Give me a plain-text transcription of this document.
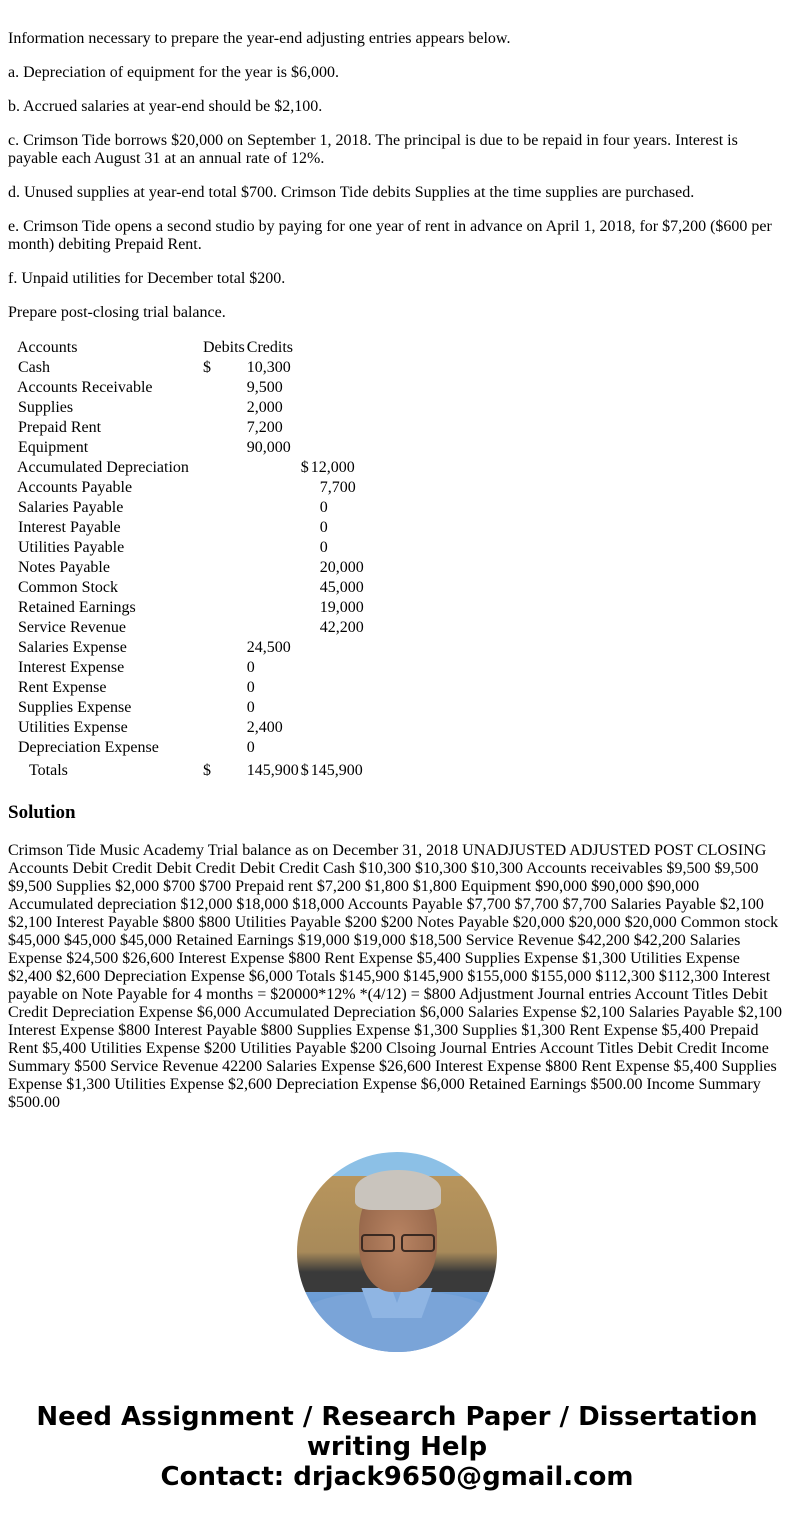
Information necessary to prepare the year-end adjusting entries appears below.

a. Depreciation of equipment for the year is $6,000.

b. Accrued salaries at year-end should be $2,100.

c. Crimson Tide borrows $20,000 on September 1, 2018. The principal is due to be repaid in four years. Interest is payable each August 31 at an annual rate of 12%.

d. Unused supplies at year-end total $700. Crimson Tide debits Supplies at the time supplies are purchased.

e. Crimson Tide opens a second studio by paying for one year of rent in advance on April 1, 2018, for $7,200 ($600 per month) debiting Prepaid Rent.

f. Unpaid utilities for December total $200.

Prepare post-closing trial balance.

Accounts	Debits	Credits		
Cash	$	10,300		
Accounts Receivable		9,500		
Supplies		2,000		
Prepaid Rent		7,200		
Equipment		90,000		
Accumulated Depreciation			$	12,000
Accounts Payable				7,700
Salaries Payable				0
Interest Payable				0
Utilities Payable				0
Notes Payable				20,000
Common Stock				45,000
Retained Earnings				19,000
Service Revenue				42,200
Salaries Expense		24,500		
Interest Expense		0		
Rent Expense		0		
Supplies Expense		0		
Utilities Expense		2,400		
Depreciation Expense		0		
Totals	$	145,900	$	145,900
Solution
Crimson Tide Music Academy Trial balance as on December 31, 2018 UNADJUSTED ADJUSTED POST CLOSING Accounts Debit Credit Debit Credit Debit Credit Cash $10,300 $10,300 $10,300 Accounts receivables $9,500 $9,500 $9,500 Supplies $2,000 $700 $700 Prepaid rent $7,200 $1,800 $1,800 Equipment $90,000 $90,000 $90,000 Accumulated depreciation $12,000 $18,000 $18,000 Accounts Payable $7,700 $7,700 $7,700 Salaries Payable $2,100 $2,100 Interest Payable $800 $800 Utilities Payable $200 $200 Notes Payable $20,000 $20,000 $20,000 Common stock $45,000 $45,000 $45,000 Retained Earnings $19,000 $19,000 $18,500 Service Revenue $42,200 $42,200 Salaries Expense $24,500 $26,600 Interest Expense $800 Rent Expense $5,400 Supplies Expense $1,300 Utilities Expense $2,400 $2,600 Depreciation Expense $6,000 Totals $145,900 $145,900 $155,000 $155,000 $112,300 $112,300 Interest payable on Note Payable for 4 months = $20000*12% *(4/12) = $800 Adjustment Journal entries Account Titles Debit Credit Depreciation Expense $6,000 Accumulated Depreciation $6,000 Salaries Expense $2,100 Salaries Payable $2,100 Interest Expense $800 Interest Payable $800 Supplies Expense $1,300 Supplies $1,300 Rent Expense $5,400 Prepaid Rent $5,400 Utilities Expense $200 Utilities Payable $200 Clsoing Journal Entries Account Titles Debit Credit Income Summary $500 Service Revenue 42200 Salaries Expense $26,600 Interest Expense $800 Rent Expense $5,400 Supplies Expense $1,300 Utilities Expense $2,600 Depreciation Expense $6,000 Retained Earnings $500.00 Income Summary $500.00
Need Assignment / Research Paper / Dissertation writing Help
Contact: drjack9650@gmail.com
